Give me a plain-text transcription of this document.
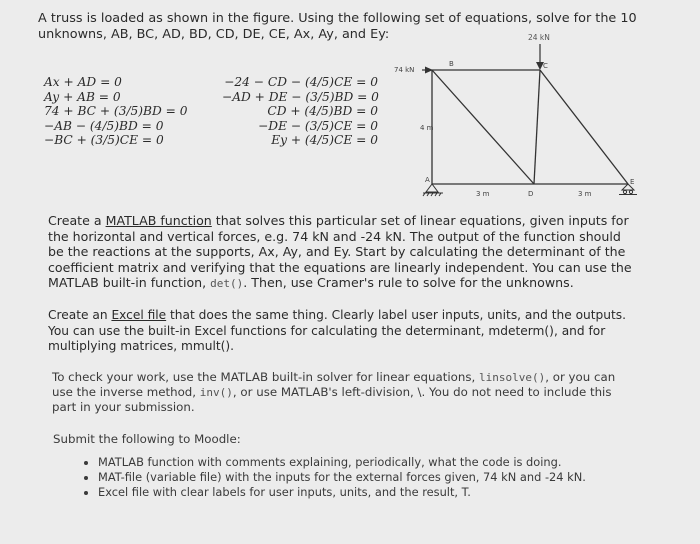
A truss is loaded as shown in the figure. Using the following set of equations, solve for the 10
unknowns, AB, BC, AD, BD, CD, DE, CE, Ax, Ay, and Ey:
Ax + AD = 0
Ay + AB = 0
74 + BC + (3/5)BD = 0
−AB − (4/5)BD = 0
−BC + (3/5)CE = 0
−24 − CD − (4/5)CE = 0
−AD + DE − (3/5)BD = 0
CD + (4/5)BD = 0
−DE − (3/5)CE = 0
Ey + (4/5)CE = 0
24 kN
74 kN
B	C
A
D
E
4 m
3 m	3 m
Create a MATLAB function that solves this particular set of linear equations, given inputs for the horizontal and vertical forces, e.g. 74 kN and -24 kN. The output of the function should be the reactions at the supports, Ax, Ay, and Ey. Start by calculating the determinant of the coefficient matrix and verifying that the equations are linearly independent. You can use the MATLAB built-in function, det(). Then, use Cramer's rule to solve for the unknowns.
Create an Excel file that does the same thing. Clearly label user inputs, units, and the outputs. You can use the built-in Excel functions for calculating the determinant, mdeterm(), and for multiplying matrices, mmult().
To check your work, use the MATLAB built-in solver for linear equations, linsolve(), or you can use the inverse method, inv(), or use MATLAB's left-division, \. You do not need to include this part in your submission.
Submit the following to Moodle:
• MATLAB function with comments explaining, periodically, what the code is doing.
• MAT-file (variable file) with the inputs for the external forces given, 74 kN and -24 kN.
• Excel file with clear labels for user inputs, units, and the result, T.
